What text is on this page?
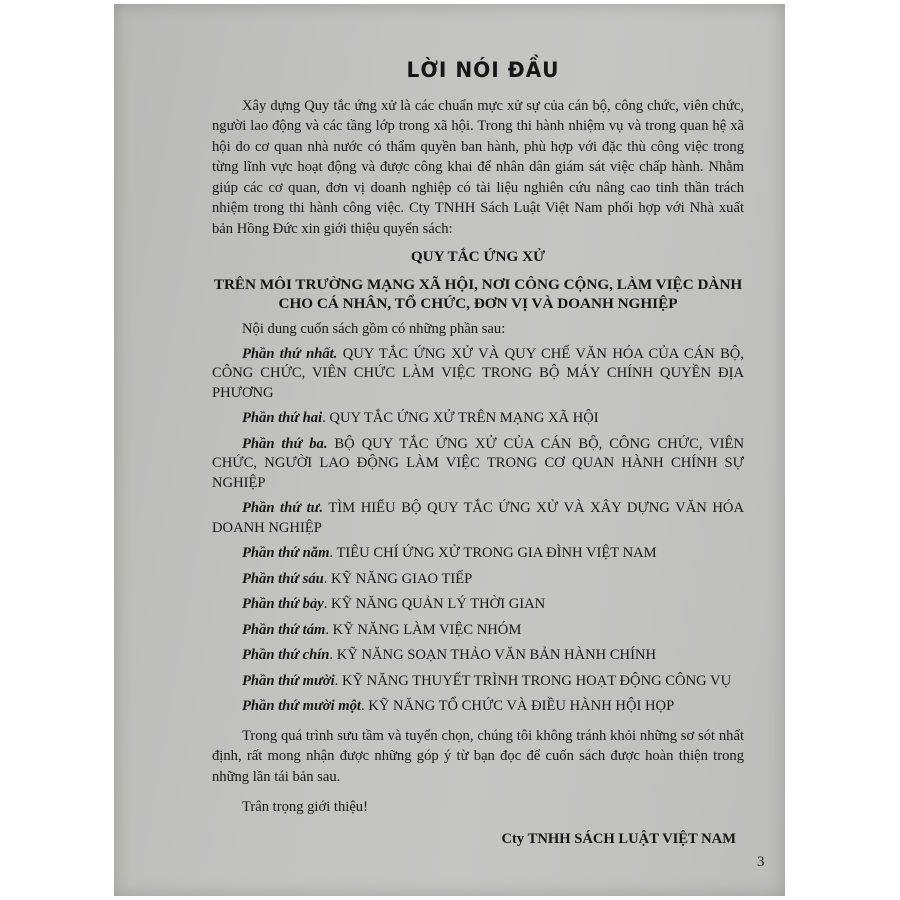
LỜI NÓI ĐẦU

Xây dựng Quy tắc ứng xử là các chuẩn mực xử sự của cán bộ, công chức, viên chức, người lao động và các tầng lớp trong xã hội. Trong thi hành nhiệm vụ và trong quan hệ xã hội do cơ quan nhà nước có thẩm quyền ban hành, phù hợp với đặc thù công việc trong từng lĩnh vực hoạt động và được công khai để nhân dân giám sát việc chấp hành. Nhằm giúp các cơ quan, đơn vị doanh nghiệp có tài liệu nghiên cứu nâng cao tinh thần trách nhiệm trong thi hành công việc. Cty TNHH Sách Luật Việt Nam phối hợp với Nhà xuất bản Hồng Đức xin giới thiệu quyển sách:

QUY TẮC ỨNG XỬ
TRÊN MÔI TRƯỜNG MẠNG XÃ HỘI, NƠI CÔNG CỘNG, LÀM VIỆC DÀNH CHO CÁ NHÂN, TỔ CHỨC, ĐƠN VỊ VÀ DOANH NGHIỆP

Nội dung cuốn sách gồm có những phần sau:

Phần thứ nhất. QUY TẮC ỨNG XỬ VÀ QUY CHẾ VĂN HÓA CỦA CÁN BỘ, CÔNG CHỨC, VIÊN CHỨC LÀM VIỆC TRONG BỘ MÁY CHÍNH QUYỀN ĐỊA PHƯƠNG

Phần thứ hai. QUY TẮC ỨNG XỬ TRÊN MẠNG XÃ HỘI

Phần thứ ba. BỘ QUY TẮC ỨNG XỬ CỦA CÁN BỘ, CÔNG CHỨC, VIÊN CHỨC, NGƯỜI LAO ĐỘNG LÀM VIỆC TRONG CƠ QUAN HÀNH CHÍNH SỰ NGHIỆP

Phần thứ tư. TÌM HIỂU BỘ QUY TẮC ỨNG XỬ VÀ XÂY DỰNG VĂN HÓA DOANH NGHIỆP

Phần thứ năm. TIÊU CHÍ ỨNG XỬ TRONG GIA ĐÌNH VIỆT NAM

Phần thứ sáu. KỸ NĂNG GIAO TIẾP

Phần thứ bảy. KỸ NĂNG QUẢN LÝ THỜI GIAN

Phần thứ tám. KỸ NĂNG LÀM VIỆC NHÓM

Phần thứ chín. KỸ NĂNG SOẠN THẢO VĂN BẢN HÀNH CHÍNH

Phần thứ mười. KỸ NĂNG THUYẾT TRÌNH TRONG HOẠT ĐỘNG CÔNG VỤ

Phần thứ mười một. KỸ NĂNG TỔ CHỨC VÀ ĐIỀU HÀNH HỘI HỌP

Trong quá trình sưu tầm và tuyển chọn, chúng tôi không tránh khỏi những sơ sót nhất định, rất mong nhận được những góp ý từ bạn đọc để cuốn sách được hoàn thiện trong những lần tái bản sau.

Trân trọng giới thiệu!

Cty TNHH SÁCH LUẬT VIỆT NAM
3
